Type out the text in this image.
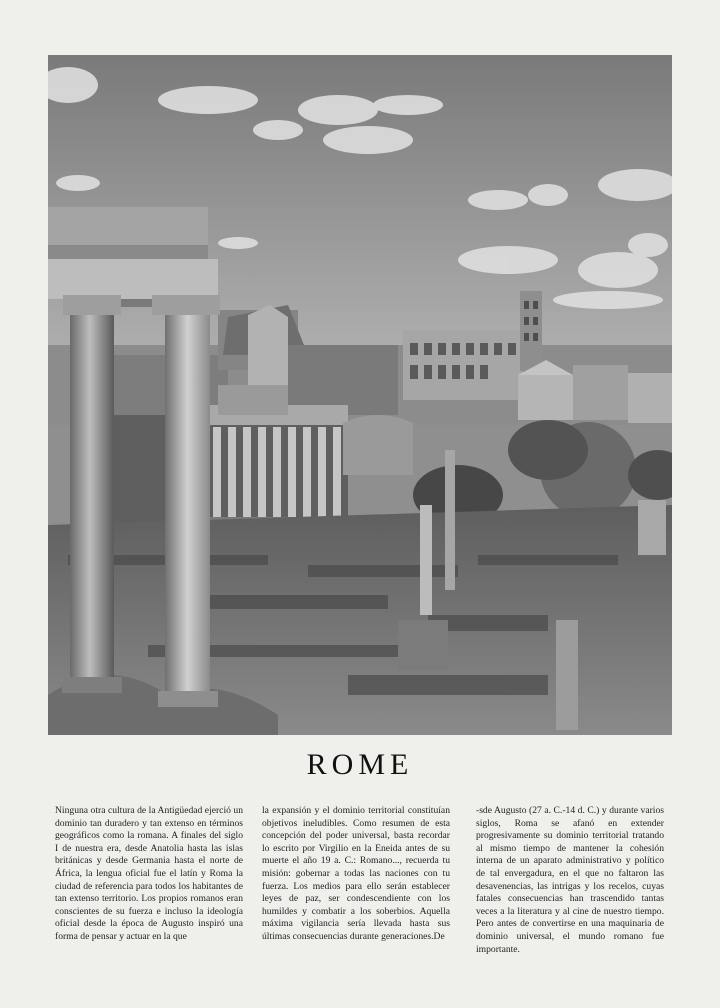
ROME
Ninguna otra cultura de la Antigüedad ejerció un dominio tan duradero y tan extenso en términos geográficos como la romana. A finales del siglo I de nuestra era, desde Anatolia hasta las islas británicas y desde Germania hasta el norte de África, la lengua oficial fue el latín y Roma la ciudad de referencia para todos los habitantes de tan extenso territorio. Los propios romanos eran conscientes de su fuerza e incluso la ideología oficial desde la época de Augusto inspiró una forma de pensar y actuar en la que
la expansión y el dominio territorial constituían objetivos ineludibles. Como resumen de esta concepción del poder universal, basta recordar lo escrito por Virgilio en la Eneida antes de su muerte el año 19 a. C.: Romano..., recuerda tu misión: gobernar a todas las naciones con tu fuerza. Los medios para ello serán establecer leyes de paz, ser condescendiente con los humildes y combatir a los soberbios. Aquella máxima vigilancia sería llevada hasta sus últimas consecuencias durante generaciones.De
-sde Augusto (27 a. C.-14 d. C.) y durante varios siglos, Roma se afanó en extender progresivamente su dominio territorial tratando al mismo tiempo de mantener la cohesión interna de un aparato administrativo y político de tal envergadura, en el que no faltaron las desavenencias, las intrigas y los recelos, cuyas fatales consecuencias han trascendido tantas veces a la literatura y al cine de nuestro tiempo. Pero antes de convertirse en una maquinaria de dominio universal, el mundo romano fue importante.
